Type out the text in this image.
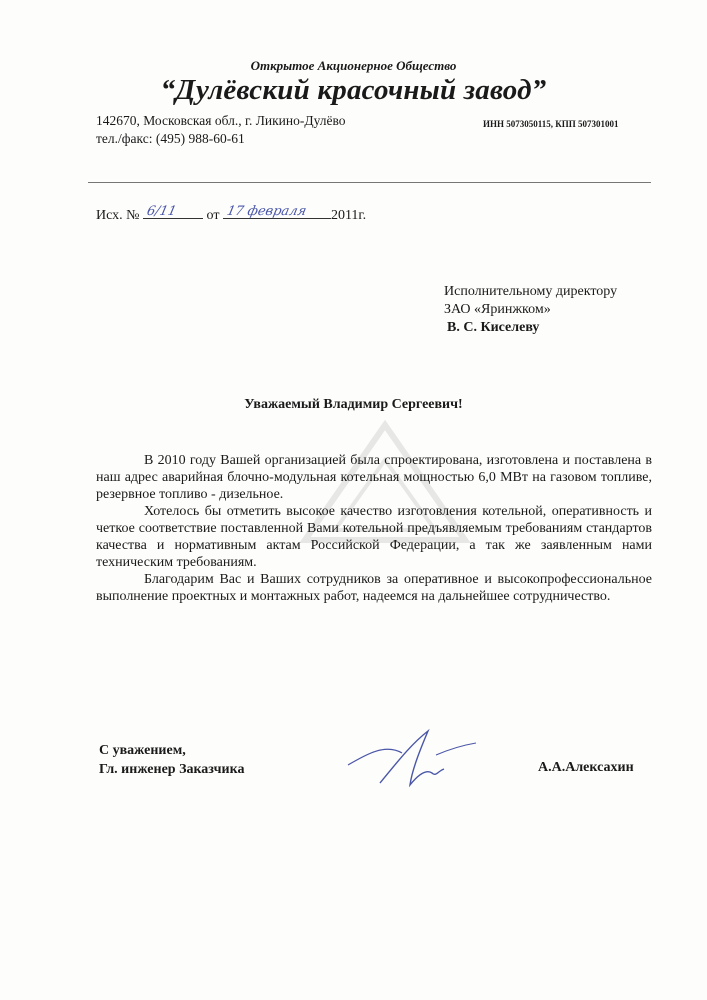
Открытое Акционерное Общество
“Дулёвский красочный завод”
142670, Московская обл., г. Ликино-Дулёво
тел./факс: (495) 988-60-61
ИНН 5073050115, КПП 507301001
Исх. № 6/11 от 17 февраля 2011г.
Исполнительному директору
ЗАО «Яринжком»
В. С. Киселеву
Уважаемый Владимир Сергеевич!

В 2010 году Вашей организацией была спроектирована, изготовлена и поставлена в наш адрес аварийная блочно-модульная котельная мощностью 6,0 МВт на газовом топливе, резервное топливо - дизельное.

Хотелось бы отметить высокое качество изготовления котельной, оперативность и четкое соответствие поставленной Вами котельной предъявляемым требованиям стандартов качества и нормативным актам Российской Федерации, а так же заявленным нами техническим требованиям.

Благодарим Вас и Ваших сотрудников за оперативное и высокопрофессиональное выполнение проектных и монтажных работ, надеемся на дальнейшее сотрудничество.

С уважением,
Гл. инженер Заказчика	А.А.Алексахин
